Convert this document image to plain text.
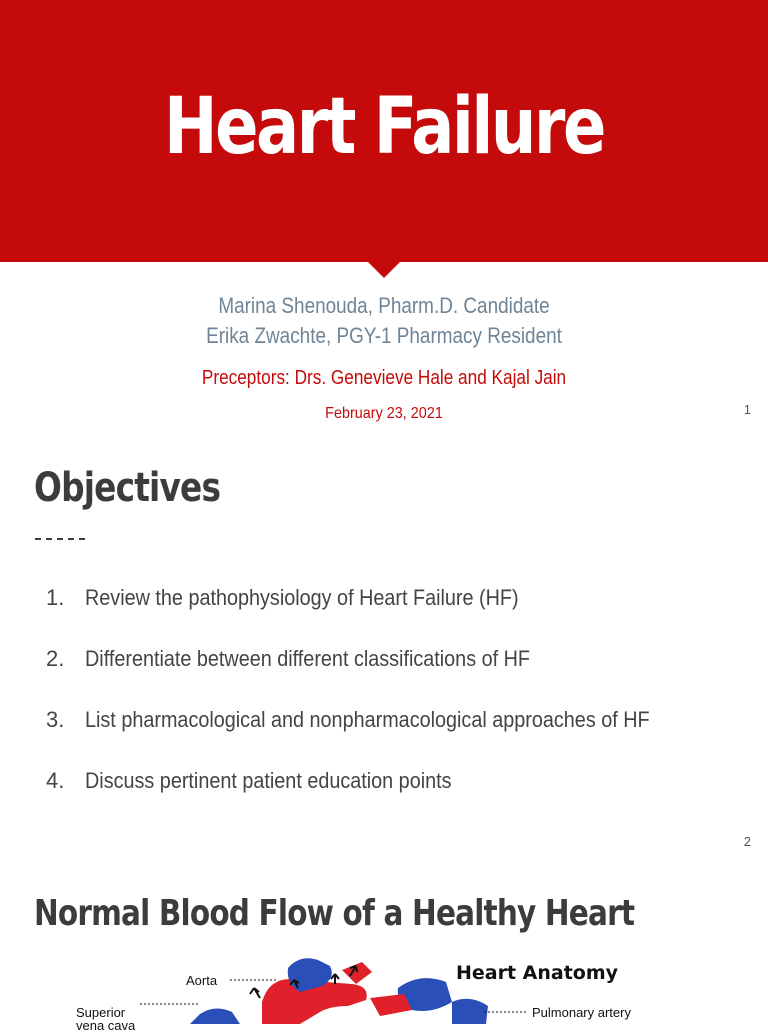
Heart Failure
Marina Shenouda, Pharm.D. Candidate
Erika Zwachte, PGY-1 Pharmacy Resident
Preceptors: Drs. Genevieve Hale and Kajal Jain
February 23, 2021	1
Objectives
1. Review the pathophysiology of Heart Failure (HF)
2. Differentiate between different classifications of HF
3. List pharmacological and nonpharmacological approaches of HF
4. Discuss pertinent patient education points
2
Normal Blood Flow of a Healthy Heart
Heart Anatomy
Aorta
Superior
vena cava
Pulmonary artery
